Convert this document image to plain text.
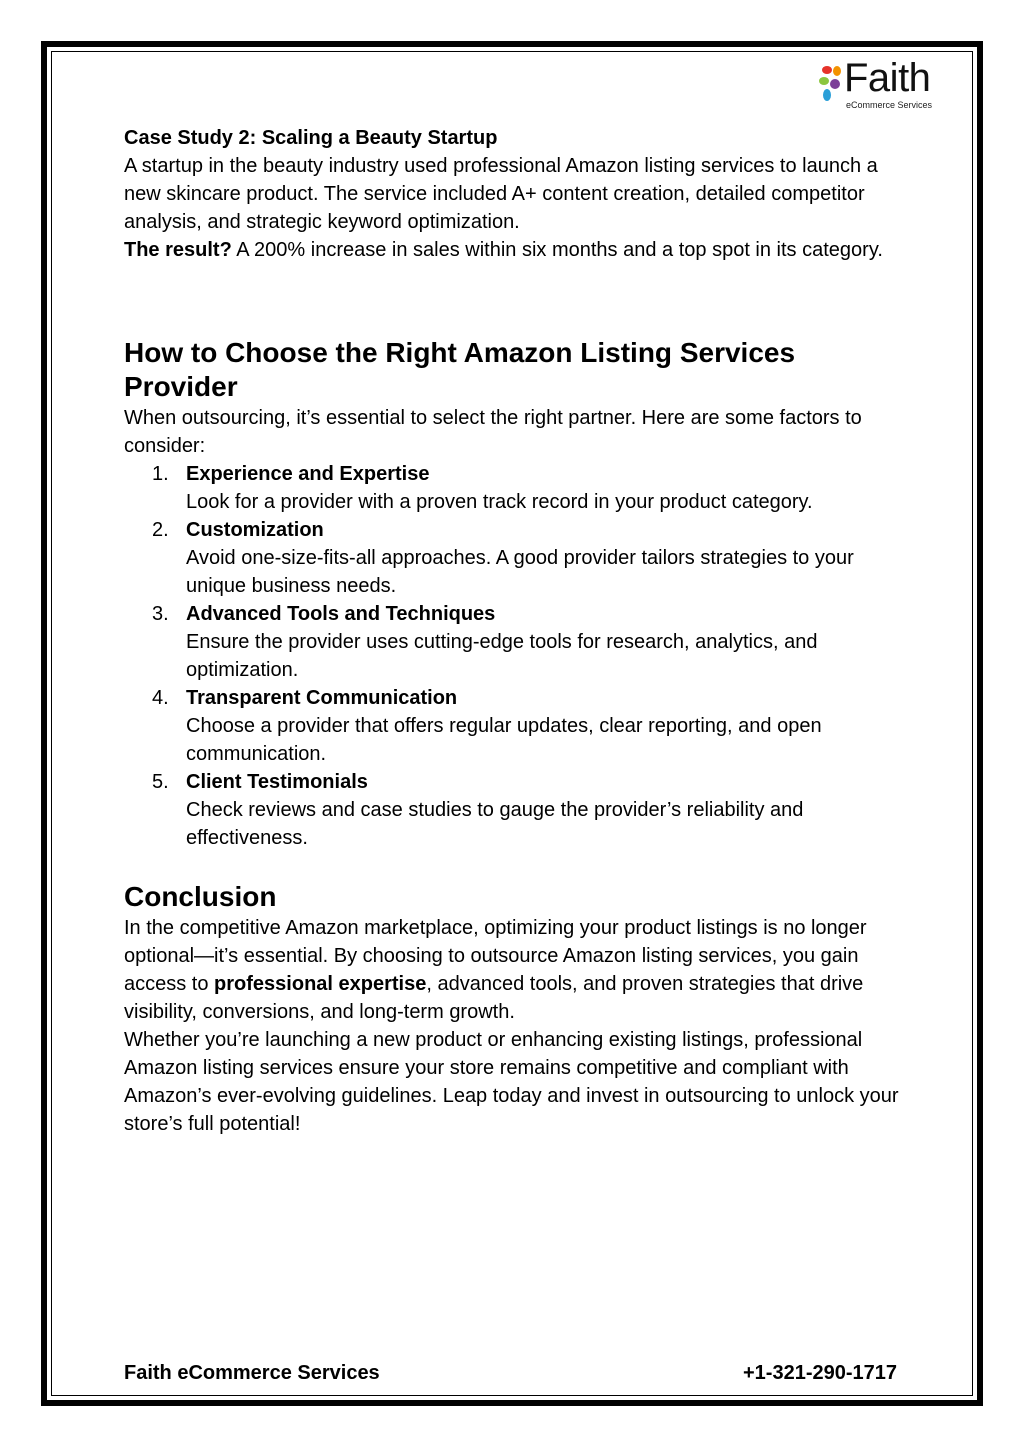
Faith
eCommerce Services

Case Study 2: Scaling a Beauty Startup

A startup in the beauty industry used professional Amazon listing services to launch a new skincare product. The service included A+ content creation, detailed competitor analysis, and strategic keyword optimization.

The result? A 200% increase in sales within six months and a top spot in its category.

How to Choose the Right Amazon Listing Services Provider

When outsourcing, it’s essential to select the right partner. Here are some factors to consider:

1. Experience and Expertise
Look for a provider with a proven track record in your product category.
2. Customization
Avoid one-size-fits-all approaches. A good provider tailors strategies to your unique business needs.
3. Advanced Tools and Techniques
Ensure the provider uses cutting-edge tools for research, analytics, and optimization.
4. Transparent Communication
Choose a provider that offers regular updates, clear reporting, and open communication.
5. Client Testimonials
Check reviews and case studies to gauge the provider’s reliability and effectiveness.
Conclusion

In the competitive Amazon marketplace, optimizing your product listings is no longer optional—it’s essential. By choosing to outsource Amazon listing services, you gain access to professional expertise, advanced tools, and proven strategies that drive visibility, conversions, and long-term growth.

Whether you’re launching a new product or enhancing existing listings, professional Amazon listing services ensure your store remains competitive and compliant with Amazon’s ever-evolving guidelines. Leap today and invest in outsourcing to unlock your store’s full potential!

Faith eCommerce Services	+1-321-290-1717
